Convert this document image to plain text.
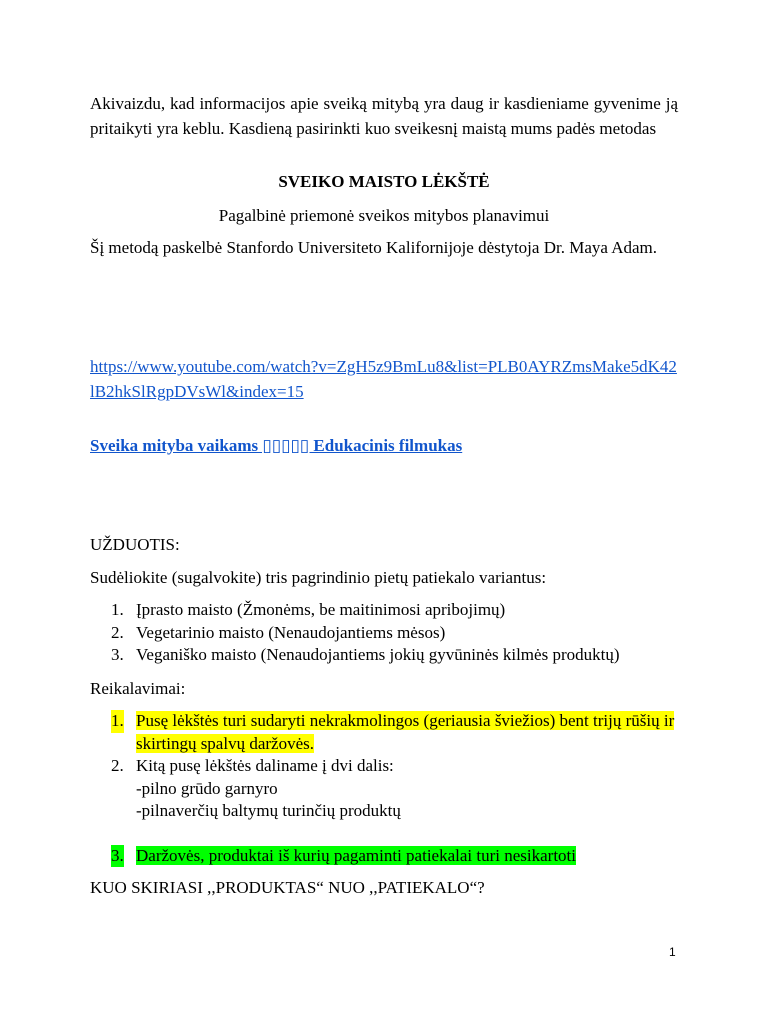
Akivaizdu, kad informacijos apie sveiką mitybą yra daug ir kasdieniame gyvenime ją pritaikyti yra keblu. Kasdieną pasirinkti kuo sveikesnį maistą mums padės metodas

SVEIKO MAISTO LĖKŠTĖ

Pagalbinė priemonė sveikos mitybos planavimui

Šį metodą paskelbė Stanfordo Universiteto Kalifornijoje dėstytoja Dr. Maya Adam.

https://www.youtube.com/watch?v=ZgH5z9BmLu8&list=PLB0AYRZmsMake5dK42lB2hkSlRgpDVsWl&index=15
Sveika mityba vaikams ▯▯▯▯▯ Edukacinis filmukas

UŽDUOTIS:

Sudėliokite (sugalvokite) tris pagrindinio pietų patiekalo variantus:

1. Įprasto maisto (Žmonėms, be maitinimosi apribojimų)
2. Vegetarinio maisto (Nenaudojantiems mėsos)
3. Veganiško maisto (Nenaudojantiems jokių gyvūninės kilmės produktų)

Reikalavimai:

1. Pusę lėkštės turi sudaryti nekrakmolingos (geriausia šviežios) bent trijų rūšių ir skirtingų spalvų daržovės.
2. Kitą pusę lėkštės daliname į dvi dalis:
-pilno grūdo garnyro
-pilnaverčių baltymų turinčių produktų
3. Daržovės, produktai iš kurių pagaminti patiekalai turi nesikartoti

KUO SKIRIASI ,,PRODUKTAS“ NUO ,,PATIEKALO“?

1
